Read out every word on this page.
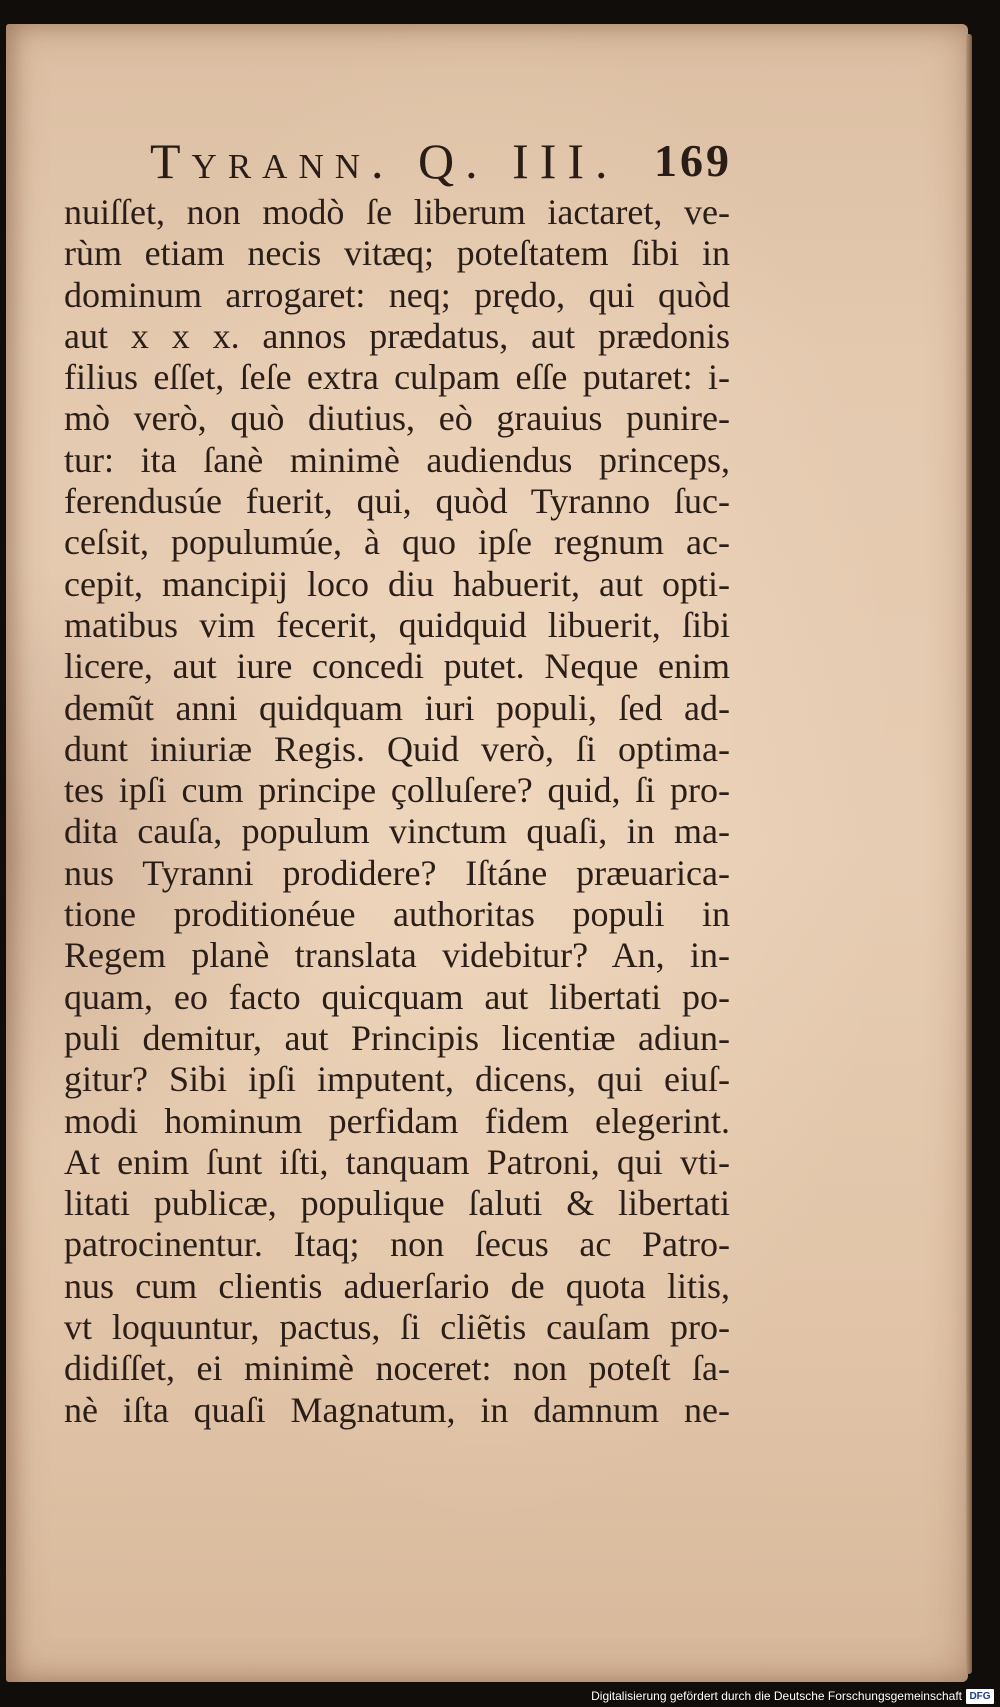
Tyrann. Q. III. 169
nuiſſet, non modò ſe liberum iactaret, ve-
rùm etiam necis vitæq; poteſtatem ſibi in
dominum arrogaret: neq; prędo, qui quòd
aut x x x. annos prædatus, aut prædonis
filius eſſet, ſeſe extra culpam eſſe putaret: i-
mò verò, quò diutius, eò grauius punire-
tur: ita ſanè minimè audiendus princeps,
ferendusúe fuerit, qui, quòd Tyranno ſuc-
ceſsit, populumúe, à quo ipſe regnum ac-
cepit, mancipij loco diu habuerit, aut opti-
matibus vim fecerit, quidquid libuerit, ſibi
licere, aut iure concedi putet. Neque enim
demũt anni quidquam iuri populi, ſed ad-
dunt iniuriæ Regis. Quid verò, ſi optima-
tes ipſi cum principe çolluſere? quid, ſi pro-
dita cauſa, populum vinctum quaſi, in ma-
nus Tyranni prodidere? Iſtáne præuarica-
tione proditionéue authoritas populi in
Regem planè translata videbitur? An, in-
quam, eo facto quicquam aut libertati po-
puli demitur, aut Principis licentiæ adiun-
gitur? Sibi ipſi imputent, dicens, qui eiuſ-
modi hominum perfidam fidem elegerint.
At enim ſunt iſti, tanquam Patroni, qui vti-
litati publicæ, populique ſaluti & libertati
patrocinentur. Itaq; non ſecus ac Patro-
nus cum clientis aduerſario de quota litis,
vt loquuntur, pactus, ſi cliẽtis cauſam pro-
didiſſet, ei minimè noceret: non poteſt ſa-
nè iſta quaſi Magnatum, in damnum ne-
Digitalisierung gefördert durch die Deutsche Forschungsgemeinschaft DFG
